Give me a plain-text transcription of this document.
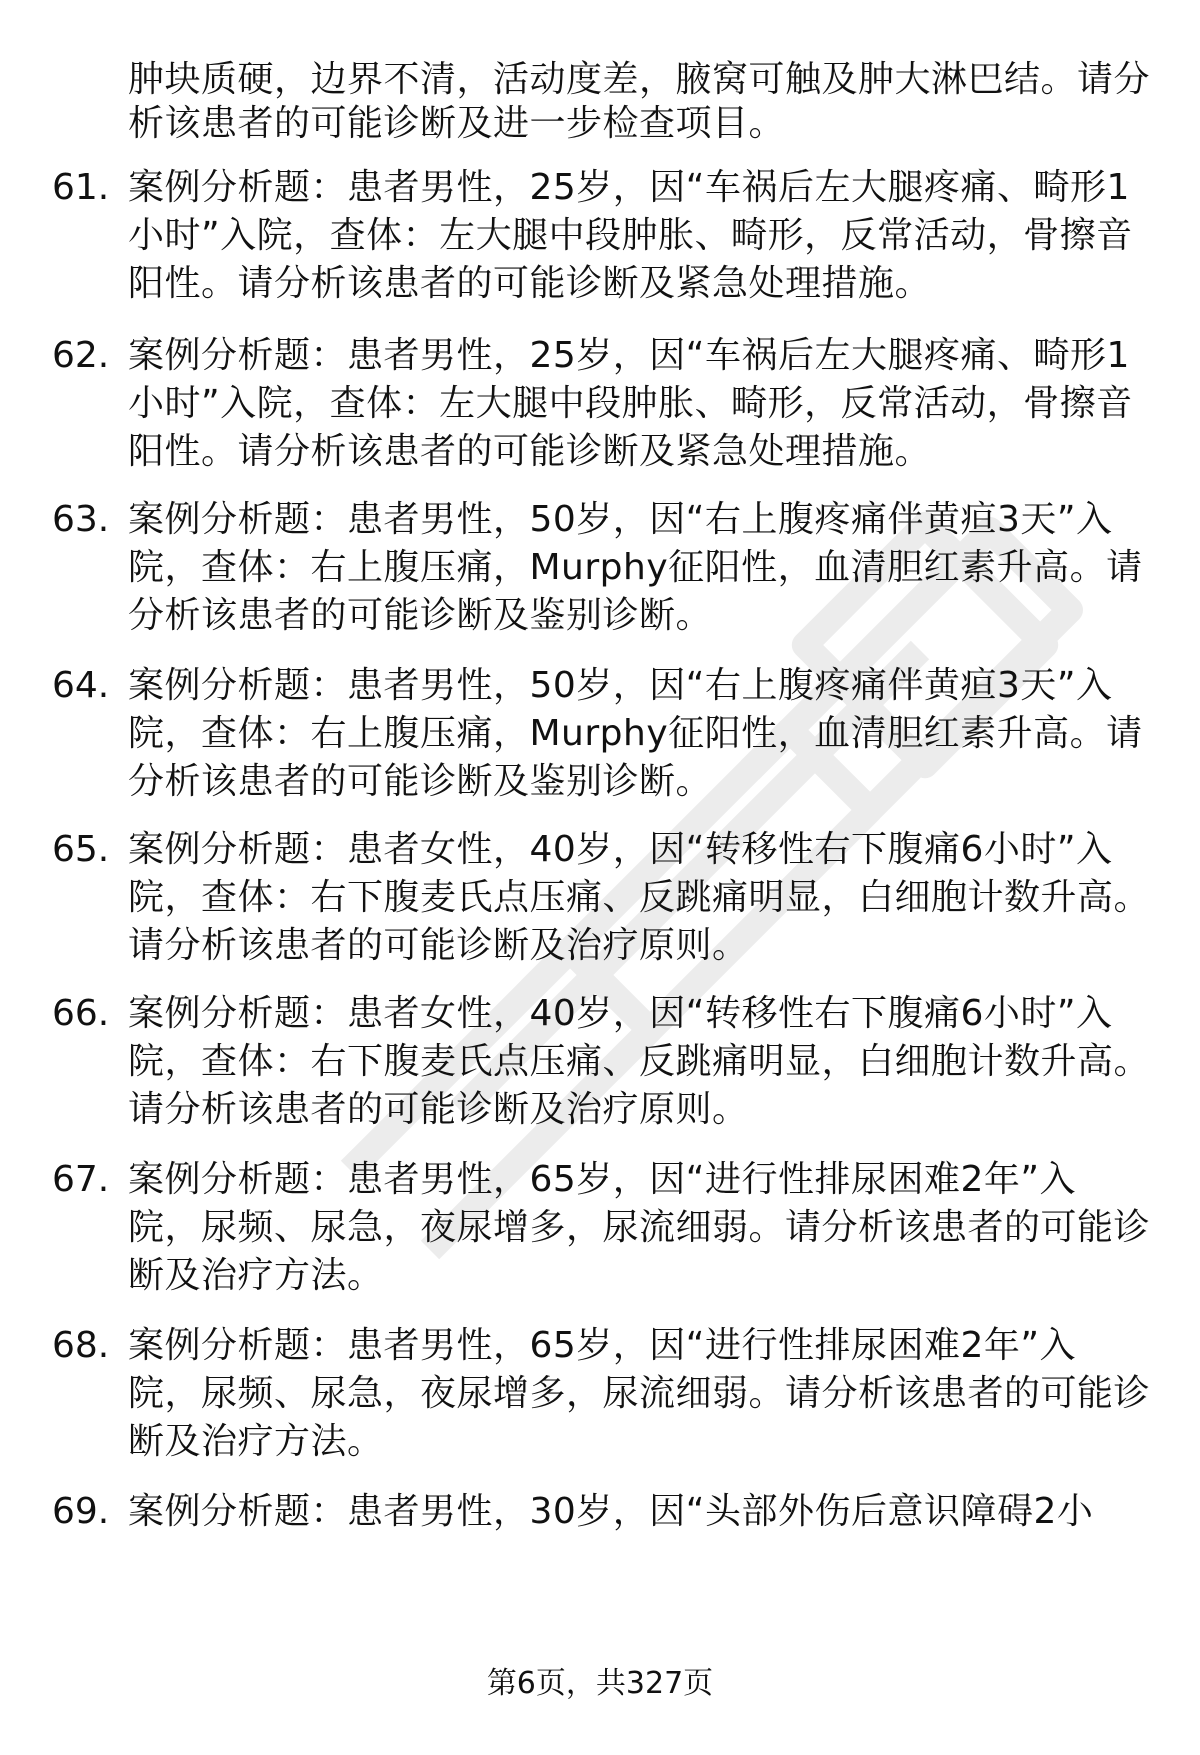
肿块质硬，边界不清，活动度差，腋窝可触及肿大淋巴结。请分
析该患者的可能诊断及进一步检查项目。
61. 案例分析题：患者男性，25岁，因“车祸后左大腿疼痛、畸形1
小时”入院，查体：左大腿中段肿胀、畸形，反常活动，骨擦音
阳性。请分析该患者的可能诊断及紧急处理措施。
62. 案例分析题：患者男性，25岁，因“车祸后左大腿疼痛、畸形1
小时”入院，查体：左大腿中段肿胀、畸形，反常活动，骨擦音
阳性。请分析该患者的可能诊断及紧急处理措施。
63. 案例分析题：患者男性，50岁，因“右上腹疼痛伴黄疸3天”入
院，查体：右上腹压痛，Murphy征阳性，血清胆红素升高。请
分析该患者的可能诊断及鉴别诊断。
64. 案例分析题：患者男性，50岁，因“右上腹疼痛伴黄疸3天”入
院，查体：右上腹压痛，Murphy征阳性，血清胆红素升高。请
分析该患者的可能诊断及鉴别诊断。
65. 案例分析题：患者女性，40岁，因“转移性右下腹痛6小时”入
院，查体：右下腹麦氏点压痛、反跳痛明显，白细胞计数升高。
请分析该患者的可能诊断及治疗原则。
66. 案例分析题：患者女性，40岁，因“转移性右下腹痛6小时”入
院，查体：右下腹麦氏点压痛、反跳痛明显，白细胞计数升高。
请分析该患者的可能诊断及治疗原则。
67. 案例分析题：患者男性，65岁，因“进行性排尿困难2年”入
院，尿频、尿急，夜尿增多，尿流细弱。请分析该患者的可能诊
断及治疗方法。
68. 案例分析题：患者男性，65岁，因“进行性排尿困难2年”入
院，尿频、尿急，夜尿增多，尿流细弱。请分析该患者的可能诊
断及治疗方法。
69. 案例分析题：患者男性，30岁，因“头部外伤后意识障碍2小
第6页，共327页
